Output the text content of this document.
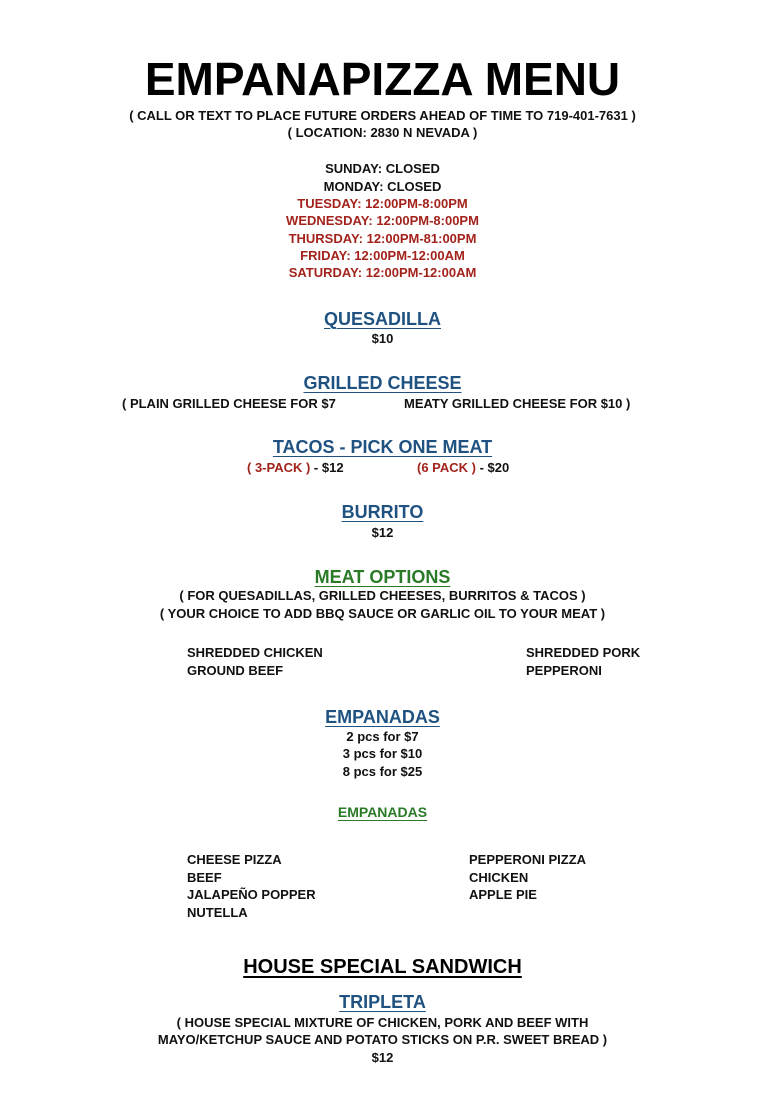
EMPANAPIZZA MENU
( CALL OR TEXT TO PLACE FUTURE ORDERS AHEAD OF TIME TO 719-401-7631 )
( LOCATION: 2830 N NEVADA )
SUNDAY: CLOSED
MONDAY: CLOSED
TUESDAY: 12:00PM-8:00PM
WEDNESDAY: 12:00PM-8:00PM
THURSDAY: 12:00PM-81:00PM
FRIDAY: 12:00PM-12:00AM
SATURDAY: 12:00PM-12:00AM
QUESADILLA
$10
GRILLED CHEESE
( PLAIN GRILLED CHEESE FOR $7	MEATY GRILLED CHEESE FOR $10 )
TACOS - PICK ONE MEAT
( 3-PACK ) - $12	(6 PACK ) - $20
BURRITO
$12
MEAT OPTIONS
( FOR QUESADILLAS, GRILLED CHEESES, BURRITOS & TACOS )
( YOUR CHOICE TO ADD BBQ SAUCE OR GARLIC OIL TO YOUR MEAT )
SHREDDED CHICKEN
GROUND BEEF
SHREDDED PORK
PEPPERONI
EMPANADAS
2 pcs for $7
3 pcs for $10
8 pcs for $25
EMPANADAS
CHEESE PIZZA
BEEF
JALAPEÑO POPPER
NUTELLA
PEPPERONI PIZZA
CHICKEN
APPLE PIE
HOUSE SPECIAL SANDWICH
TRIPLETA
( HOUSE SPECIAL MIXTURE OF CHICKEN, PORK AND BEEF WITH
MAYO/KETCHUP SAUCE AND POTATO STICKS ON P.R. SWEET BREAD )
$12
